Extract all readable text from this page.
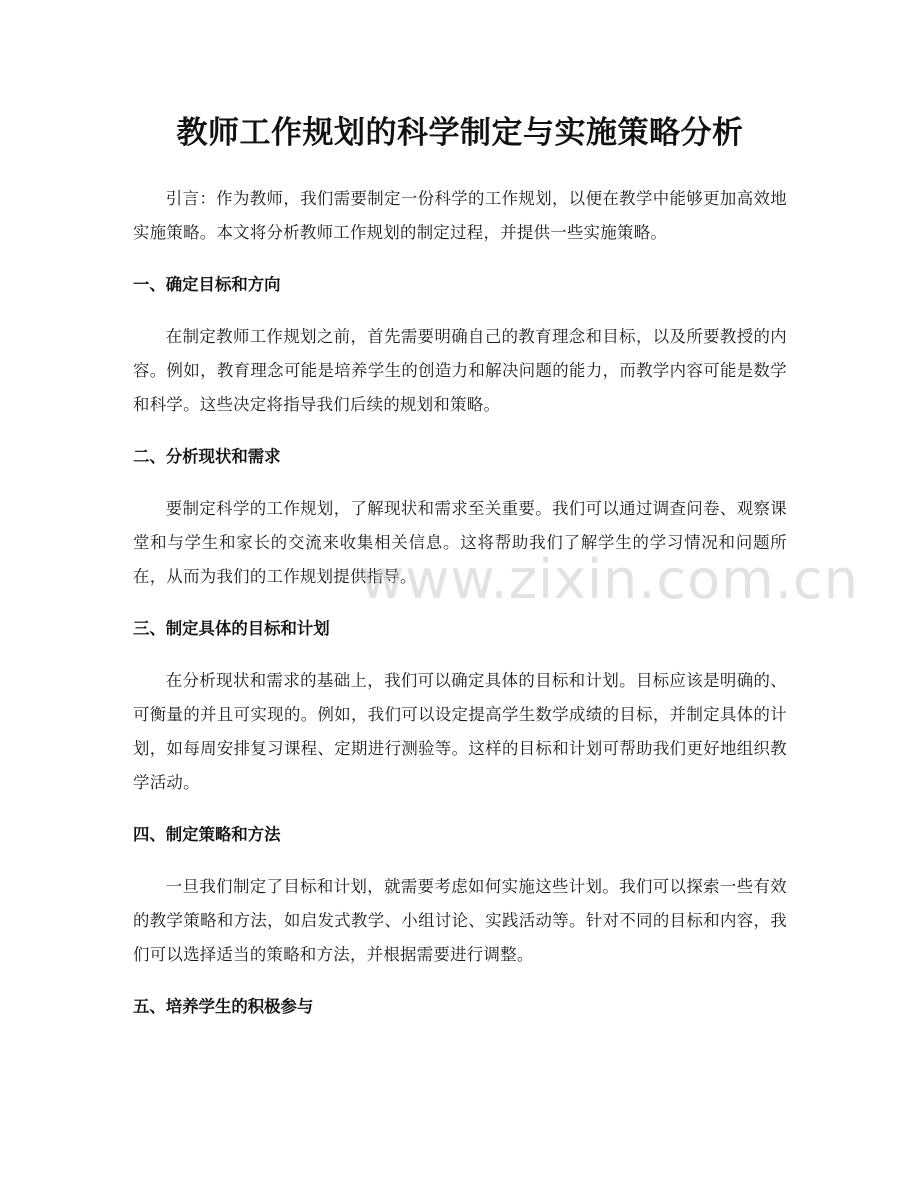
教师工作规划的科学制定与实施策略分析

引言：作为教师，我们需要制定一份科学的工作规划，以便在教学中能够更加高效地实施策略。本文将分析教师工作规划的制定过程，并提供一些实施策略。

一、确定目标和方向

在制定教师工作规划之前，首先需要明确自己的教育理念和目标，以及所要教授的内容。例如，教育理念可能是培养学生的创造力和解决问题的能力，而教学内容可能是数学和科学。这些决定将指导我们后续的规划和策略。

二、分析现状和需求

要制定科学的工作规划，了解现状和需求至关重要。我们可以通过调查问卷、观察课堂和与学生和家长的交流来收集相关信息。这将帮助我们了解学生的学习情况和问题所在，从而为我们的工作规划提供指导。

三、制定具体的目标和计划

在分析现状和需求的基础上，我们可以确定具体的目标和计划。目标应该是明确的、可衡量的并且可实现的。例如，我们可以设定提高学生数学成绩的目标，并制定具体的计划，如每周安排复习课程、定期进行测验等。这样的目标和计划可帮助我们更好地组织教学活动。

四、制定策略和方法

一旦我们制定了目标和计划，就需要考虑如何实施这些计划。我们可以探索一些有效的教学策略和方法，如启发式教学、小组讨论、实践活动等。针对不同的目标和内容，我们可以选择适当的策略和方法，并根据需要进行调整。

五、培养学生的积极参与
www.zixin.com.cn
